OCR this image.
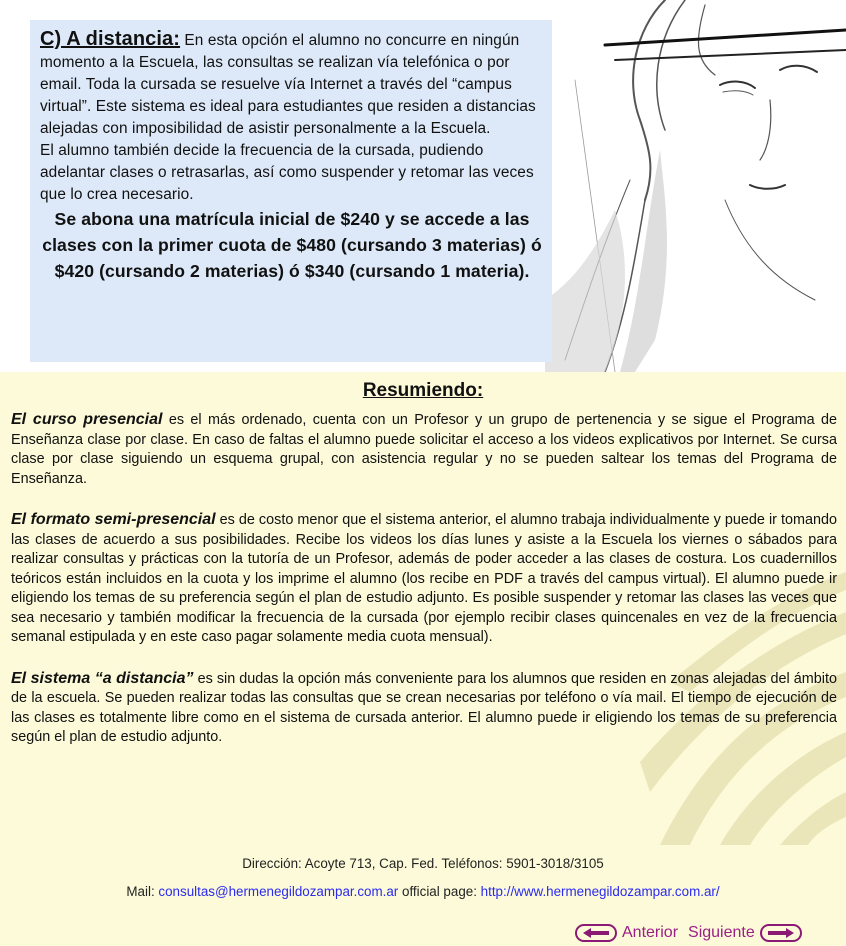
C) A distancia: En esta opción el alumno no concurre en ningún momento a la Escuela, las consultas se realizan vía telefónica o por email. Toda la cursada se resuelve vía Internet a través del “campus virtual”. Este sistema es ideal para estudiantes que residen a distancias alejadas con imposibilidad de asistir personalmente a la Escuela.

El alumno también decide la frecuencia de la cursada, pudiendo adelantar clases o retrasarlas, así como suspender y retomar las veces que lo crea necesario.

Se abona una matrícula inicial de $240 y se accede a las clases con la primer cuota de $480 (cursando 3 materias) ó $420 (cursando 2 materias) ó $340 (cursando 1 materia).

Resumiendo:

El curso presencial es el más ordenado, cuenta con un Profesor y un grupo de pertenencia y se sigue el Programa de Enseñanza clase por clase. En caso de faltas el alumno puede solicitar el acceso a los videos explicativos por Internet. Se cursa clase por clase siguiendo un esquema grupal, con asistencia regular y no se pueden saltear los temas del Programa de Enseñanza.

El formato semi-presencial es de costo menor que el sistema anterior, el alumno trabaja individualmente y puede ir tomando las clases de acuerdo a sus posibilidades. Recibe los videos los días lunes y asiste a la Escuela los viernes o sábados para realizar consultas y prácticas con la tutoría de un Profesor, además de poder acceder a las clases de costura. Los cuadernillos teóricos están incluidos en la cuota y los imprime el alumno (los recibe en PDF a través del campus virtual). El alumno puede ir eligiendo los temas de su preferencia según el plan de estudio adjunto. Es posible suspender y retomar las clases las veces que sea necesario y también modificar la frecuencia de la cursada (por ejemplo recibir clases quincenales en vez de la frecuencia semanal estipulada y en este caso pagar solamente media cuota mensual).

El sistema “a distancia” es sin dudas la opción más conveniente para los alumnos que residen en zonas alejadas del ámbito de la escuela. Se pueden realizar todas las consultas que se crean necesarias por teléfono o vía mail. El tiempo de ejecución de las clases es totalmente libre como en el sistema de cursada anterior. El alumno puede ir eligiendo los temas de su preferencia según el plan de estudio adjunto.

Dirección: Acoyte 713, Cap. Fed. Teléfonos: 5901-3018/3105
Mail: consultas@hermenegildozampar.com.ar official page: http://www.hermenegildozampar.com.ar/
Anterior Siguiente
